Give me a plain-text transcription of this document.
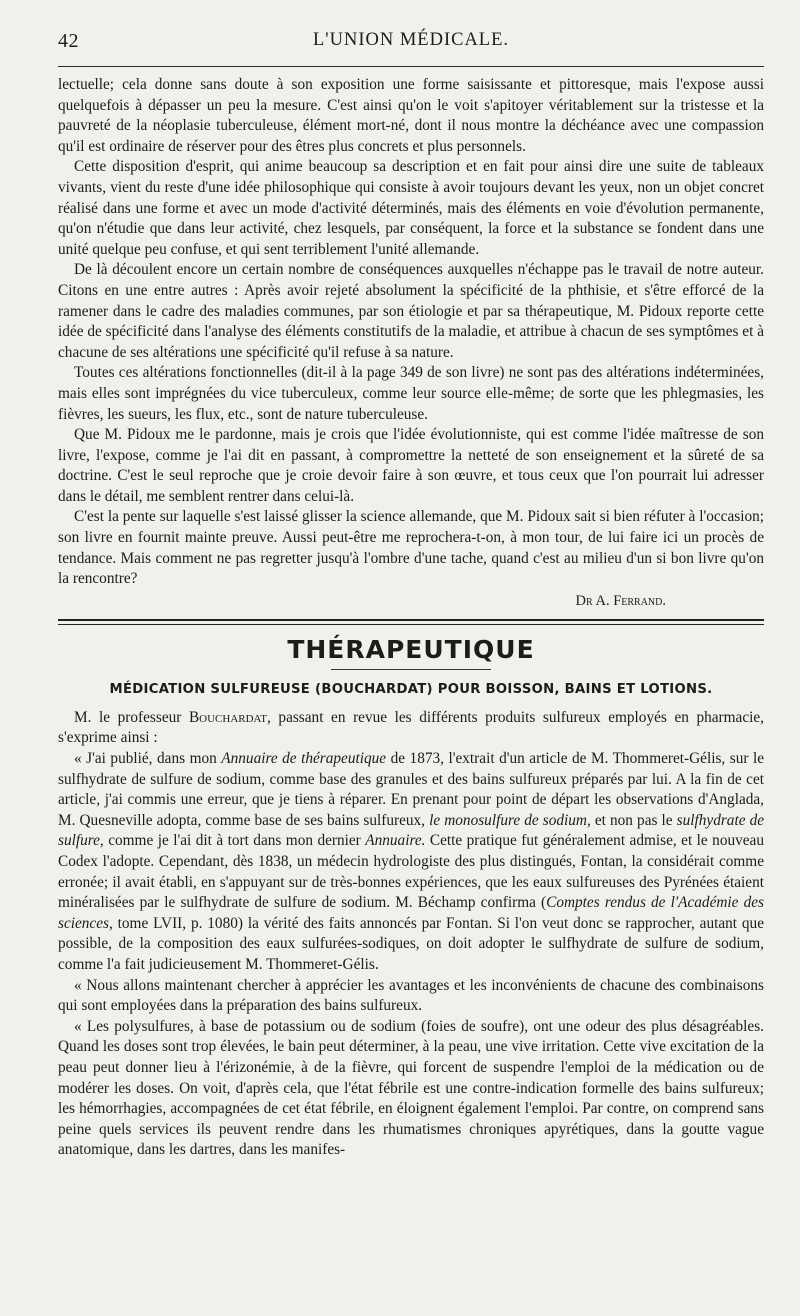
42	L'UNION MÉDICALE.

lectuelle; cela donne sans doute à son exposition une forme saisissante et pittoresque, mais l'expose aussi quelquefois à dépasser un peu la mesure. C'est ainsi qu'on le voit s'apitoyer véritablement sur la tristesse et la pauvreté de la néoplasie tuberculeuse, élément mort-né, dont il nous montre la déchéance avec une compassion qu'il est ordinaire de réserver pour des êtres plus concrets et plus personnels.

Cette disposition d'esprit, qui anime beaucoup sa description et en fait pour ainsi dire une suite de tableaux vivants, vient du reste d'une idée philosophique qui consiste à avoir toujours devant les yeux, non un objet concret réalisé dans une forme et avec un mode d'activité déterminés, mais des éléments en voie d'évolution permanente, qu'on n'étudie que dans leur activité, chez lesquels, par conséquent, la force et la substance se fondent dans une unité quelque peu confuse, et qui sent terriblement l'unité allemande.

De là découlent encore un certain nombre de conséquences auxquelles n'échappe pas le travail de notre auteur. Citons en une entre autres : Après avoir rejeté absolument la spécificité de la phthisie, et s'être efforcé de la ramener dans le cadre des maladies communes, par son étiologie et par sa thérapeutique, M. Pidoux reporte cette idée de spécificité dans l'analyse des éléments constitutifs de la maladie, et attribue à chacun de ses symptômes et à chacune de ses altérations une spécificité qu'il refuse à sa nature.

Toutes ces altérations fonctionnelles (dit-il à la page 349 de son livre) ne sont pas des altérations indéterminées, mais elles sont imprégnées du vice tuberculeux, comme leur source elle-même; de sorte que les phlegmasies, les fièvres, les sueurs, les flux, etc., sont de nature tuberculeuse.

Que M. Pidoux me le pardonne, mais je crois que l'idée évolutionniste, qui est comme l'idée maîtresse de son livre, l'expose, comme je l'ai dit en passant, à compromettre la netteté de son enseignement et la sûreté de sa doctrine. C'est le seul reproche que je croie devoir faire à son œuvre, et tous ceux que l'on pourrait lui adresser dans le détail, me semblent rentrer dans celui-là.

C'est la pente sur laquelle s'est laissé glisser la science allemande, que M. Pidoux sait si bien réfuter à l'occasion; son livre en fournit mainte preuve. Aussi peut-être me reprochera-t-on, à mon tour, de lui faire ici un procès de tendance. Mais comment ne pas regretter jusqu'à l'ombre d'une tache, quand c'est au milieu d'un si bon livre qu'on la rencontre?

Dr A. Ferrand.
THÉRAPEUTIQUE
MÉDICATION SULFUREUSE (BOUCHARDAT) POUR BOISSON, BAINS ET LOTIONS.

M. le professeur Bouchardat, passant en revue les différents produits sulfureux employés en pharmacie, s'exprime ainsi :

« J'ai publié, dans mon Annuaire de thérapeutique de 1873, l'extrait d'un article de M. Thommeret-Gélis, sur le sulfhydrate de sulfure de sodium, comme base des granules et des bains sulfureux préparés par lui. A la fin de cet article, j'ai commis une erreur, que je tiens à réparer. En prenant pour point de départ les observations d'Anglada, M. Quesneville adopta, comme base de ses bains sulfureux, le monosulfure de sodium, et non pas le sulfhydrate de sulfure, comme je l'ai dit à tort dans mon dernier Annuaire. Cette pratique fut généralement admise, et le nouveau Codex l'adopte. Cependant, dès 1838, un médecin hydrologiste des plus distingués, Fontan, la considérait comme erronée; il avait établi, en s'appuyant sur de très-bonnes expériences, que les eaux sulfureuses des Pyrénées étaient minéralisées par le sulfhydrate de sulfure de sodium. M. Béchamp confirma (Comptes rendus de l'Académie des sciences, tome LVII, p. 1080) la vérité des faits annoncés par Fontan. Si l'on veut donc se rapprocher, autant que possible, de la composition des eaux sulfurées-sodiques, on doit adopter le sulfhydrate de sulfure de sodium, comme l'a fait judicieusement M. Thommeret-Gélis.

« Nous allons maintenant chercher à apprécier les avantages et les inconvénients de chacune des combinaisons qui sont employées dans la préparation des bains sulfureux.

« Les polysulfures, à base de potassium ou de sodium (foies de soufre), ont une odeur des plus désagréables. Quand les doses sont trop élevées, le bain peut déterminer, à la peau, une vive irritation. Cette vive excitation de la peau peut donner lieu à l'érizonémie, à de la fièvre, qui forcent de suspendre l'emploi de la médication ou de modérer les doses. On voit, d'après cela, que l'état fébrile est une contre-indication formelle des bains sulfureux; les hémorrhagies, accompagnées de cet état fébrile, en éloignent également l'emploi. Par contre, on comprend sans peine quels services ils peuvent rendre dans les rhumatismes chroniques apyrétiques, dans la goutte vague anatomique, dans les dartres, dans les manifes-
